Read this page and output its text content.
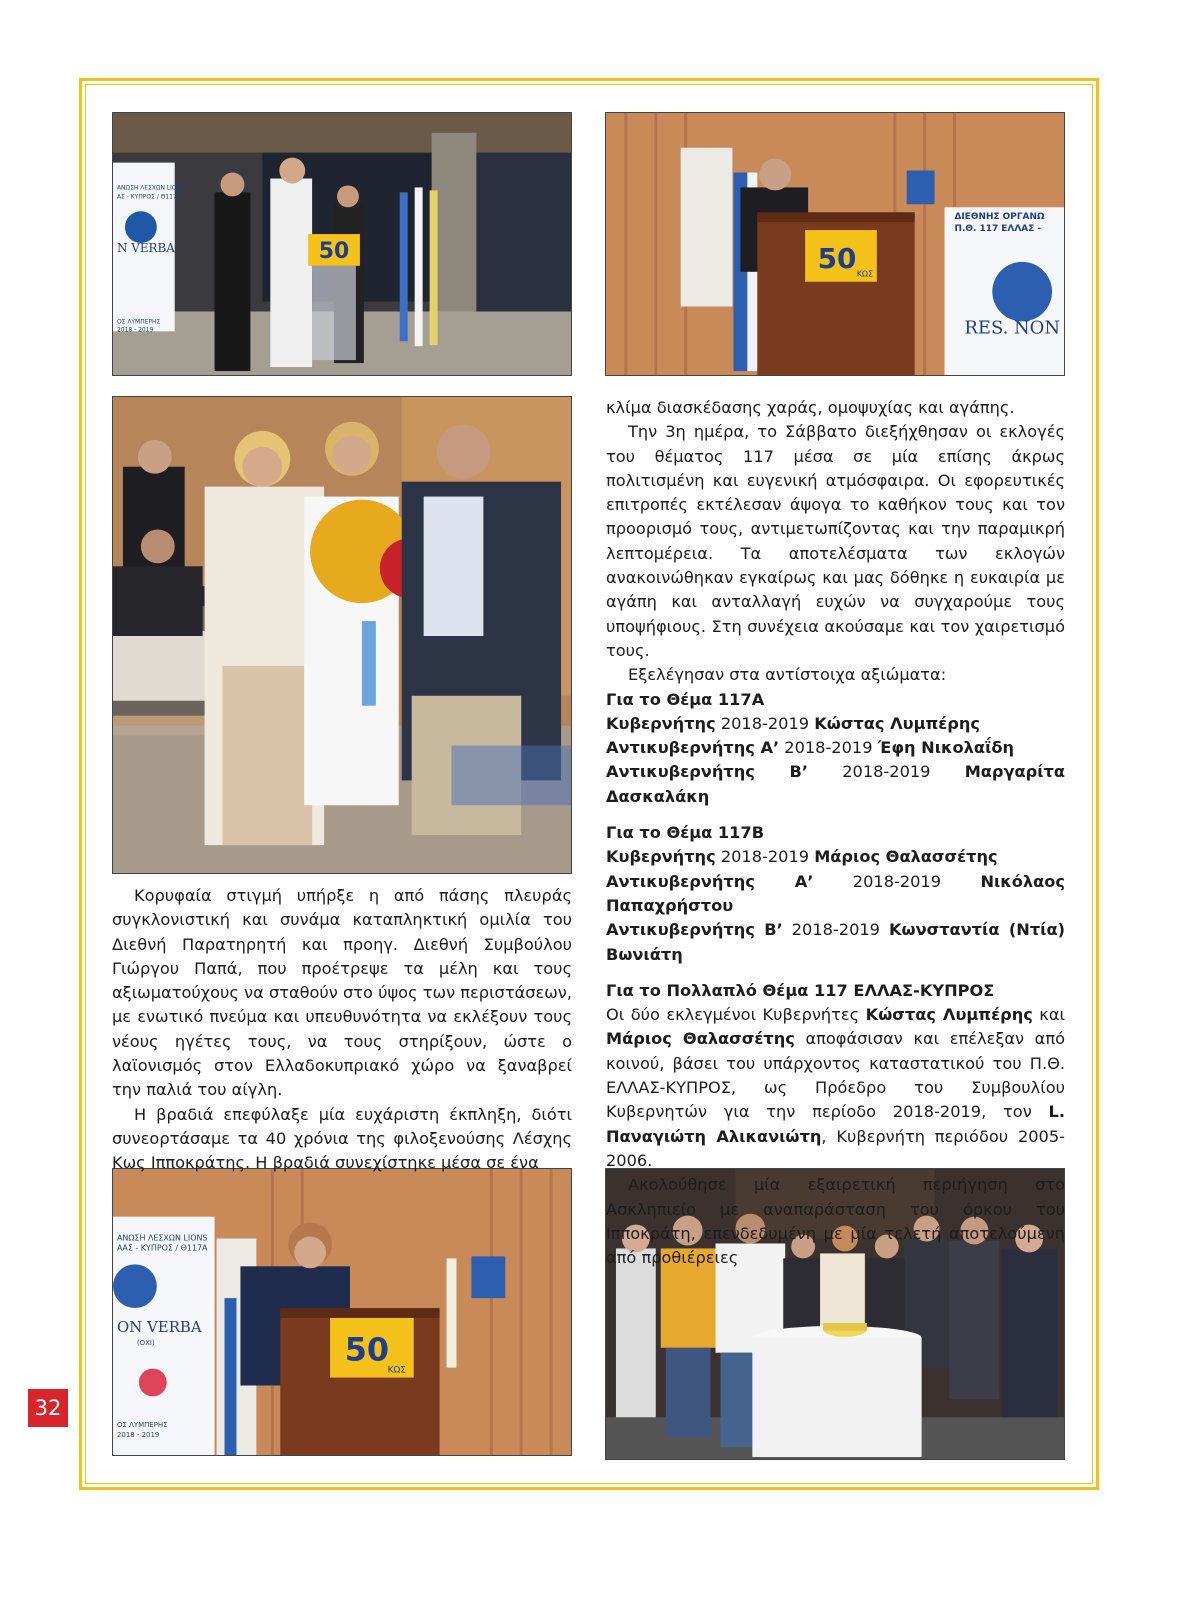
ΑΝΩΣΗ ΛΕΣΧΩΝ LIONS
ΑΣ - ΚΥΠΡΟΣ / Θ117Α
N VERBA
ΟΣ ΛΥΜΠΕΡΗΣ
2018 - 2019
50
ΔΙΕΘΝΗΣ ΟΡΓΑΝΩ
Π.Θ. 117 ΕΛΛΑΣ -
RES. NON
50 ΚΩΣ
ΑΝΩΣΗ ΛΕΣΧΩΝ LIONS
ΑΑΣ - ΚΥΠΡΟΣ / Θ117Α
ON VERBA
(ΟΧΙ)
ΟΣ ΛΥΜΠΕΡΗΣ
2018 - 2019
50
ΚΩΣ

Κορυφαία στιγμή υπήρξε η από πάσης πλευράς συγκλονιστική και συνάμα καταπληκτική ομιλία του Διεθνή Παρατηρητή και προηγ. Διεθνή Συμβούλου Γιώργου Παπά, που προέτρεψε τα μέλη και τους αξιωματούχους να σταθούν στο ύψος των περιστάσεων, με ενωτικό πνεύμα και υπευθυνότητα να εκλέξουν τους νέους ηγέτες τους, να τους στηρίξουν, ώστε ο λαϊονισμός στον Ελλαδοκυπριακό χώρο να ξαναβρεί την παλιά του αίγλη.

Η βραδιά επεφύλαξε μία ευχάριστη έκπληξη, διότι συνεορτάσαμε τα 40 χρόνια της φιλοξενούσης Λέσχης Κως Ιπποκράτης. Η βραδιά συνεχίστηκε μέσα σε ένα

κλίμα διασκέδασης χαράς, ομοψυχίας και αγάπης.

Την 3η ημέρα, το Σάββατο διεξήχθησαν οι εκλογές του θέματος 117 μέσα σε μία επίσης άκρως πολιτισμένη και ευγενική ατμόσφαιρα. Οι εφορευτικές επιτροπές εκτέλεσαν άψογα το καθήκον τους και τον προορισμό τους, αντιμετωπίζοντας και την παραμικρή λεπτομέρεια. Τα αποτελέσματα των εκλογών ανακοινώθηκαν εγκαίρως και μας δόθηκε η ευκαιρία με αγάπη και ανταλλαγή ευχών να συγχαρούμε τους υποψήφιους. Στη συνέχεια ακούσαμε και τον χαιρετισμό τους.

Εξελέγησαν στα αντίστοιχα αξιώματα:

Για το Θέμα 117Α
Κυβερνήτης 2018-2019 Κώστας Λυμπέρης
Αντικυβερνήτης Α’ 2018-2019 Έφη Νικολαΐδη
Αντικυβερνήτης Β’ 2018-2019 Μαργαρίτα Δασκαλάκη
Για το Θέμα 117Β
Κυβερνήτης 2018-2019 Μάριος Θαλασσέτης
Αντικυβερνήτης Α’ 2018-2019 Νικόλαος Παπαχρήστου
Αντικυβερνήτης Β’ 2018-2019 Κωνσταντία (Ντία) Βωνιάτη
Για το Πολλαπλό Θέμα 117 ΕΛΛΑΣ-ΚΥΠΡΟΣ

Οι δύο εκλεγμένοι Κυβερνήτες Κώστας Λυμπέρης και Μάριος Θαλασσέτης αποφάσισαν και επέλεξαν από κοινού, βάσει του υπάρχοντος καταστατικού του Π.Θ. ΕΛΛΑΣ-ΚΥΠΡΟΣ, ως Πρόεδρο του Συμβουλίου Κυβερνητών για την περίοδο 2018-2019, τον L. Παναγιώτη Αλικανιώτη, Κυβερνήτη περιόδου 2005-2006.

Ακολούθησε μία εξαιρετική περιήγηση στο Ασκληπιείο με αναπαράσταση του όρκου του Ιπποκράτη, επενδεδυμένη με μία τελετή αποτελούμενη από προθιέρειες

32
